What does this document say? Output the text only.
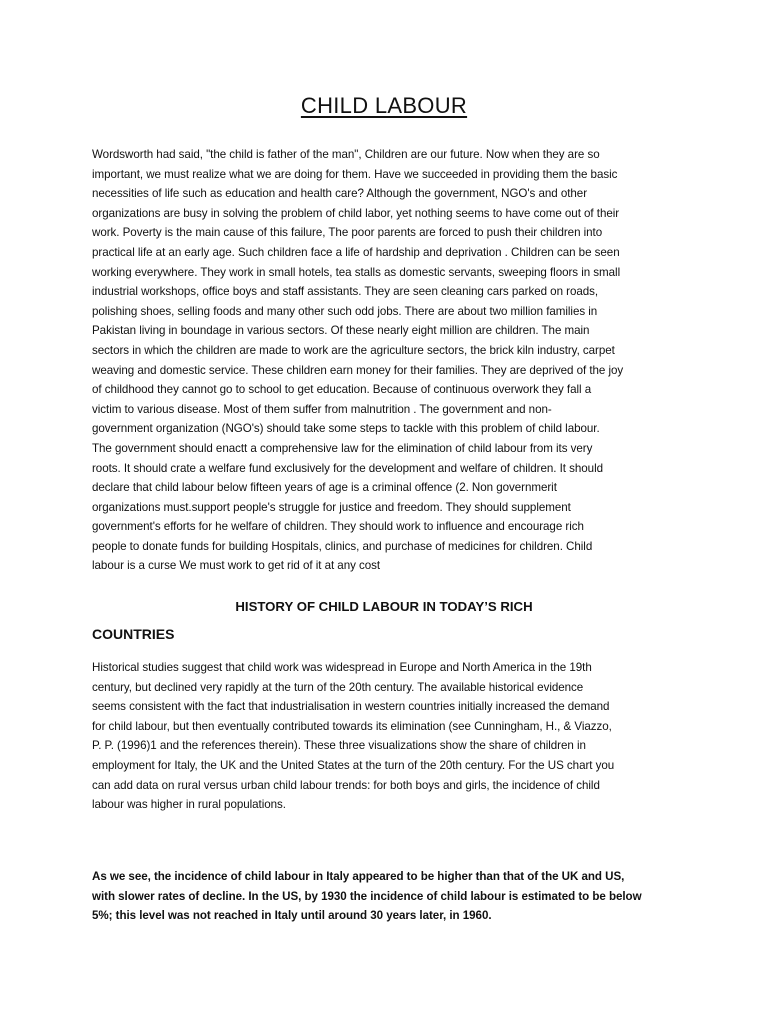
CHILD LABOUR

Wordsworth had said, "the child is father of the man", Children are our future. Now when they are so
important, we must realize what we are doing for them. Have we succeeded in providing them the basic
necessities of life such as education and health care? Although the government, NGO's and other
organizations are busy in solving the problem of child labor, yet nothing seems to have come out of their
work. Poverty is the main cause of this failure, The poor parents are forced to push their children into
practical life at an early age. Such children face a life of hardship and deprivation . Children can be seen
working everywhere. They work in small hotels, tea stalls as domestic servants, sweeping floors in small
industrial workshops, office boys and staff assistants. They are seen cleaning cars parked on roads,
polishing shoes, selling foods and many other such odd jobs. There are about two million families in
Pakistan living in boundage in various sectors. Of these nearly eight million are children. The main
sectors in which the children are made to work are the agriculture sectors, the brick kiln industry, carpet
weaving and domestic service. These children earn money for their families. They are deprived of the joy
of childhood they cannot go to school to get education. Because of continuous overwork they fall a
victim to various disease. Most of them suffer from malnutrition . The government and non-
government organization (NGO's) should take some steps to tackle with this problem of child labour.
The government should enactt a comprehensive law for the elimination of child labour from its very
roots. It should crate a welfare fund exclusively for the development and welfare of children. It should
declare that child labour below fifteen years of age is a criminal offence (2. Non governmerit
organizations must.support people's struggle for justice and freedom. They should supplement
government's efforts for he welfare of children. They should work to influence and encourage rich
people to donate funds for building Hospitals, clinics, and purchase of medicines for children. Child
labour is a curse We must work to get rid of it at any cost

HISTORY OF CHILD LABOUR IN TODAY’S RICH
COUNTRIES

Historical studies suggest that child work was widespread in Europe and North America in the 19th
century, but declined very rapidly at the turn of the 20th century. The available historical evidence
seems consistent with the fact that industrialisation in western countries initially increased the demand
for child labour, but then eventually contributed towards its elimination (see Cunningham, H., & Viazzo,
P. P. (1996)1 and the references therein). These three visualizations show the share of children in
employment for Italy, the UK and the United States at the turn of the 20th century. For the US chart you
can add data on rural versus urban child labour trends: for both boys and girls, the incidence of child
labour was higher in rural populations.

As we see, the incidence of child labour in Italy appeared to be higher than that of the UK and US,
with slower rates of decline. In the US, by 1930 the incidence of child labour is estimated to be below
5%; this level was not reached in Italy until around 30 years later, in 1960.
